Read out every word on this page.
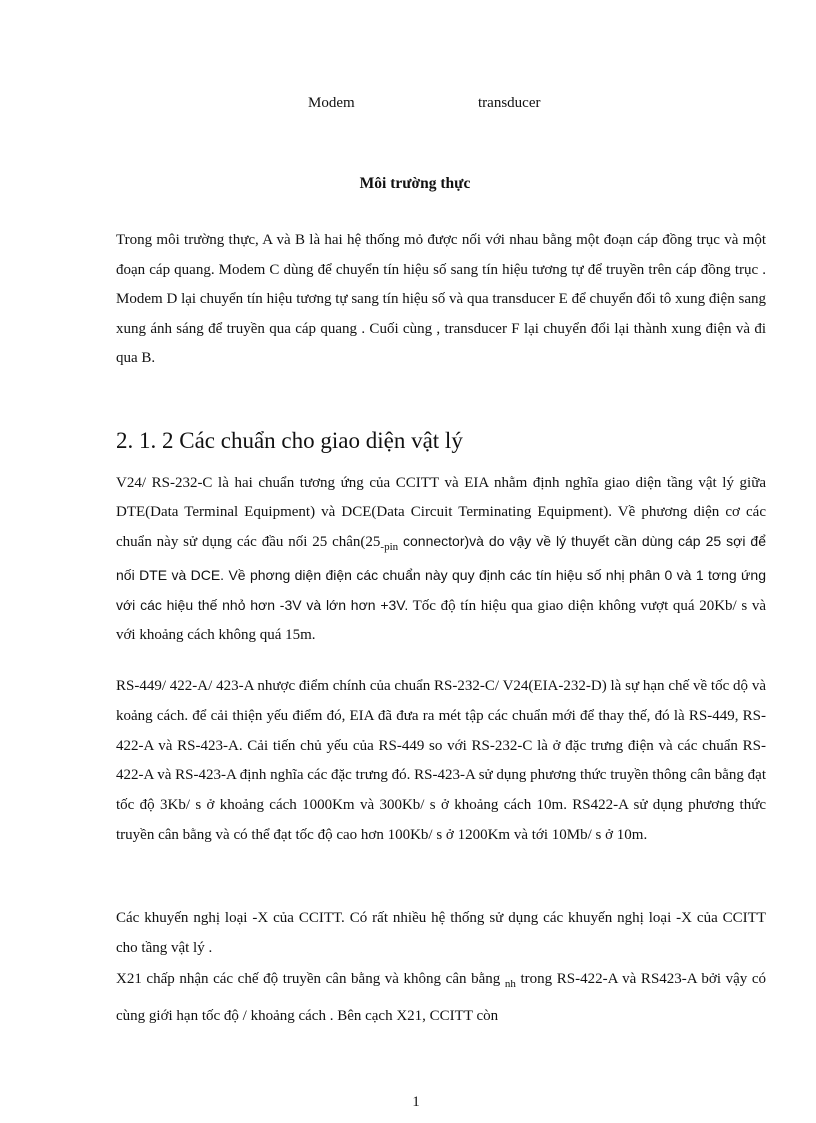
Modem	transducer
Môi trường thực

Trong môi trường thực, A và B là hai hệ thống mỏ được nối với nhau bằng một đoạn cáp đồng trục và một đoạn cáp quang. Modem C dùng để chuyển tín hiệu số sang tín hiệu tương tự để truyền trên cáp đồng trục . Modem D lại chuyển tín hiệu tương tự sang tín hiệu số và qua transducer E để chuyển đổi tô xung điện sang xung ánh sáng để truyền qua cáp quang . Cuối cùng , transducer F lại chuyển đổi lại thành xung điện và đi qua B.

2. 1. 2 Các chuẩn cho giao diện vật lý

V24/ RS-232-C là hai chuẩn tương ứng của CCITT và EIA nhằm định nghĩa giao diện tầng vật lý giữa DTE(Data Terminal Equipment) và DCE(Data Circuit Terminating Equipment). Về phương diện cơ các chuẩn này sử dụng các đầu nối 25 $chân(25_{-pin}$ connector)và do vậy về lý thuyết cần dùng cáp 25 sợi để nối DTE và DCE. Về phơng diện điện các chuẩn này quy định các tín hiệu số nhị phân 0 và 1 tơng ứng với các hiệu thế nhỏ hơn -3V và lớn hơn +3V. Tốc độ tín hiệu qua giao diện không vượt quá 20Kb/ s và với khoảng cách không quá 15m.

RS-449/ 422-A/ 423-A nhược điểm chính của chuẩn RS-232-C/ V24(EIA-232-D) là sự hạn chế về tốc dộ và koảng cách. để cải thiện yếu điểm đó, EIA đã đưa ra mét tập các chuẩn mới để thay thế, đó là RS-449, RS-422-A và RS-423-A. Cải tiến chủ yếu của RS-449 so với RS-232-C là ở đặc trưng điện và các chuẩn RS-422-A và RS-423-A định nghĩa các đặc trưng đó. RS-423-A sử dụng phương thức truyền thông cân bằng đạt tốc độ 3Kb/ s ở khoảng cách 1000Km và 300Kb/ s ở khoảng cách 10m. RS422-A sử dụng phương thức truyền cân bằng và có thể đạt tốc độ cao hơn 100Kb/ s ở 1200Km và tới 10Mb/ s ở 10m.

Các khuyến nghị loại -X của CCITT. Có rất nhiều hệ thống sử dụng các khuyến nghị loại -X của CCITT cho tầng vật lý .

X21 chấp nhận các chế độ truyền cân bằng và không cân bằng $_{nh}$ trong RS-422-A và RS423-A bởi vậy có cùng giới hạn tốc độ / khoảng cách . Bên cạch X21, CCITT còn

1
